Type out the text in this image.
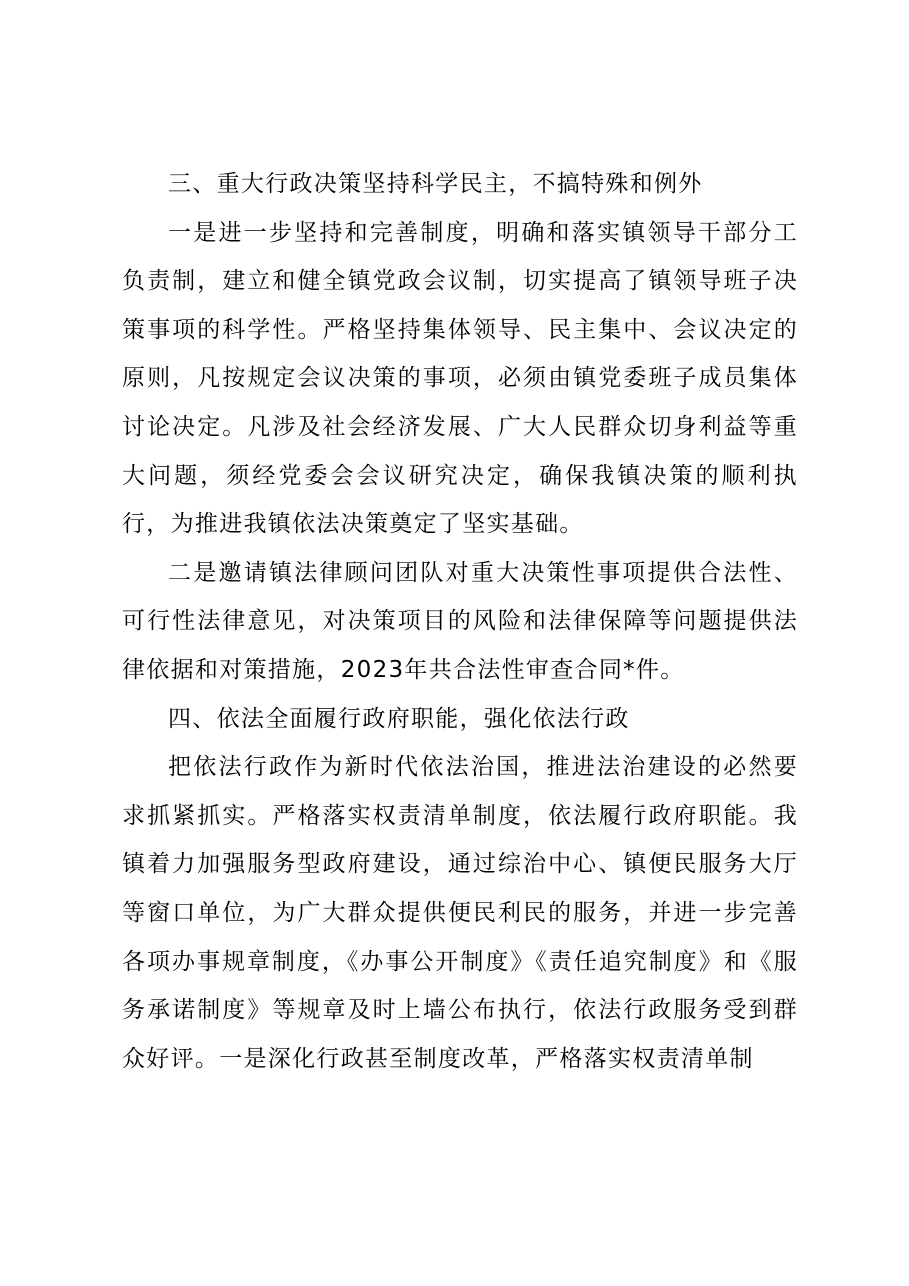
三、重大行政决策坚持科学民主，不搞特殊和例外

一是进一步坚持和完善制度，明确和落实镇领导干部分工负责制，建立和健全镇党政会议制，切实提高了镇领导班子决策事项的科学性。严格坚持集体领导、民主集中、会议决定的原则，凡按规定会议决策的事项，必须由镇党委班子成员集体讨论决定。凡涉及社会经济发展、广大人民群众切身利益等重大问题，须经党委会会议研究决定，确保我镇决策的顺利执行，为推进我镇依法决策奠定了坚实基础。

二是邀请镇法律顾问团队对重大决策性事项提供合法性、可行性法律意见，对决策项目的风险和法律保障等问题提供法律依据和对策措施，2023年共合法性审查合同*件。

四、依法全面履行政府职能，强化依法行政

把依法行政作为新时代依法治国，推进法治建设的必然要求抓紧抓实。严格落实权责清单制度，依法履行政府职能。我镇着力加强服务型政府建设，通过综治中心、镇便民服务大厅等窗口单位，为广大群众提供便民利民的服务，并进一步完善各项办事规章制度，《办事公开制度》《责任追究制度》和《服务承诺制度》等规章及时上墙公布执行，依法行政服务受到群众好评。一是深化行政甚至制度改革，严格落实权责清单制
